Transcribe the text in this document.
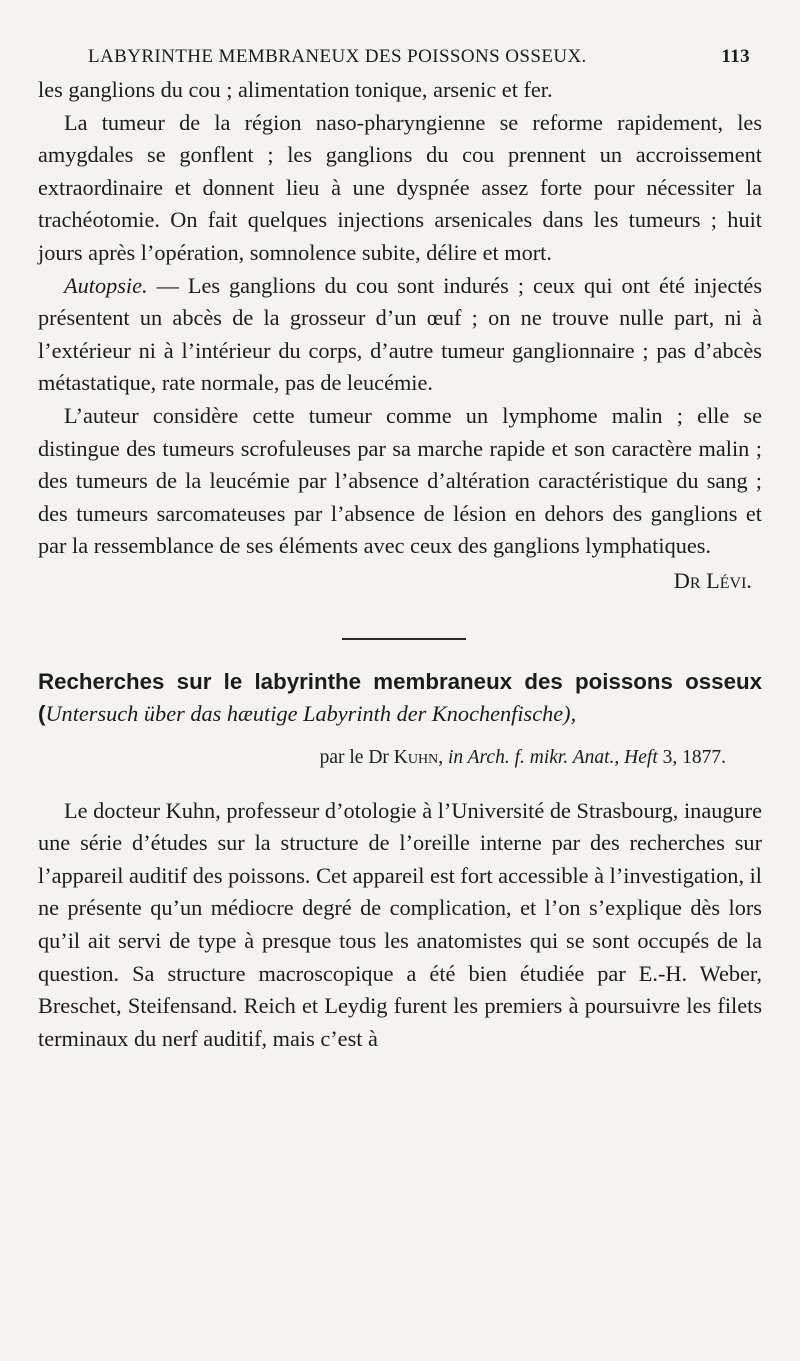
LABYRINTHE MEMBRANEUX DES POISSONS OSSEUX.	113

les ganglions du cou ; alimentation tonique, arsenic et fer.

La tumeur de la région naso-pharyngienne se reforme rapidement, les amygdales se gonflent ; les ganglions du cou prennent un accroissement extraordinaire et donnent lieu à une dyspnée assez forte pour nécessiter la trachéotomie. On fait quelques injections arsenicales dans les tumeurs ; huit jours après l’opération, somnolence subite, délire et mort.

Autopsie. — Les ganglions du cou sont indurés ; ceux qui ont été injectés présentent un abcès de la grosseur d’un œuf ; on ne trouve nulle part, ni à l’extérieur ni à l’intérieur du corps, d’autre tumeur ganglionnaire ; pas d’abcès métastatique, rate normale, pas de leucémie.

L’auteur considère cette tumeur comme un lymphome malin ; elle se distingue des tumeurs scrofuleuses par sa marche rapide et son caractère malin ; des tumeurs de la leucémie par l’absence d’altération caractéristique du sang ; des tumeurs sarcomateuses par l’absence de lésion en dehors des ganglions et par la ressemblance de ses éléments avec ceux des ganglions lymphatiques.

Dr Lévi.
Recherches sur le labyrinthe membraneux des poissons osseux (Untersuch über das hæutige Labyrinth der Knochenfische),
par le Dr Kuhn, in Arch. f. mikr. Anat., Heft 3, 1877.

Le docteur Kuhn, professeur d’otologie à l’Université de Strasbourg, inaugure une série d’études sur la structure de l’oreille interne par des recherches sur l’appareil auditif des poissons. Cet appareil est fort accessible à l’investigation, il ne présente qu’un médiocre degré de complication, et l’on s’explique dès lors qu’il ait servi de type à presque tous les anatomistes qui se sont occupés de la question. Sa structure macroscopique a été bien étudiée par E.-H. Weber, Breschet, Steifensand. Reich et Leydig furent les premiers à poursuivre les filets terminaux du nerf auditif, mais c’est à
